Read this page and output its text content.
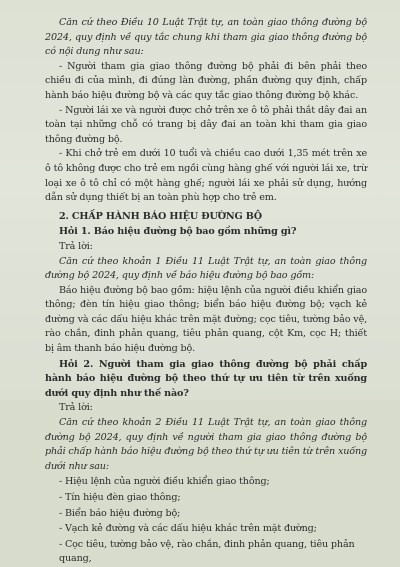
Căn cứ theo Điều 10 Luật Trật tự, an toàn giao thông đường bộ 2024, quy định về quy tắc chung khi tham gia giao thông đường bộ có nội dung như sau:

- Người tham gia giao thông đường bộ phải đi bên phải theo chiều đi của mình, đi đúng làn đường, phần đường quy định, chấp hành báo hiệu đường bộ và các quy tắc giao thông đường bộ khác.

- Người lái xe và người được chở trên xe ô tô phải thắt dây đai an toàn tại những chỗ có trang bị dây đai an toàn khi tham gia giao thông đường bộ.

- Khi chở trẻ em dưới 10 tuổi và chiều cao dưới 1,35 mét trên xe ô tô không được cho trẻ em ngồi cùng hàng ghế với người lái xe, trừ loại xe ô tô chỉ có một hàng ghế; người lái xe phải sử dụng, hướng dẫn sử dụng thiết bị an toàn phù hợp cho trẻ em.

2. CHẤP HÀNH BÁO HIỆU ĐƯỜNG BỘ

Hỏi 1. Báo hiệu đường bộ bao gồm những gì?

Trả lời:

Căn cứ theo khoản 1 Điều 11 Luật Trật tự, an toàn giao thông đường bộ 2024, quy định về báo hiệu đường bộ bao gồm:

Báo hiệu đường bộ bao gồm: hiệu lệnh của người điều khiển giao thông; đèn tín hiệu giao thông; biển báo hiệu đường bộ; vạch kẻ đường và các dấu hiệu khác trên mặt đường; cọc tiêu, tường bảo vệ, rào chắn, đinh phản quang, tiêu phản quang, cột Km, cọc H; thiết bị âm thanh báo hiệu đường bộ.

Hỏi 2. Người tham gia giao thông đường bộ phải chấp hành báo hiệu đường bộ theo thứ tự ưu tiên từ trên xuống dưới quy định như thế nào?

Trả lời:

Căn cứ theo khoản 2 Điều 11 Luật Trật tự, an toàn giao thông đường bộ 2024, quy định về người tham gia giao thông đường bộ phải chấp hành báo hiệu đường bộ theo thứ tự ưu tiên từ trên xuống dưới như sau:

- Hiệu lệnh của người điều khiển giao thông;

- Tín hiệu đèn giao thông;

- Biển báo hiệu đường bộ;

- Vạch kẻ đường và các dấu hiệu khác trên mặt đường;

- Cọc tiêu, tường bảo vệ, rào chắn, đinh phản quang, tiêu phản quang,
